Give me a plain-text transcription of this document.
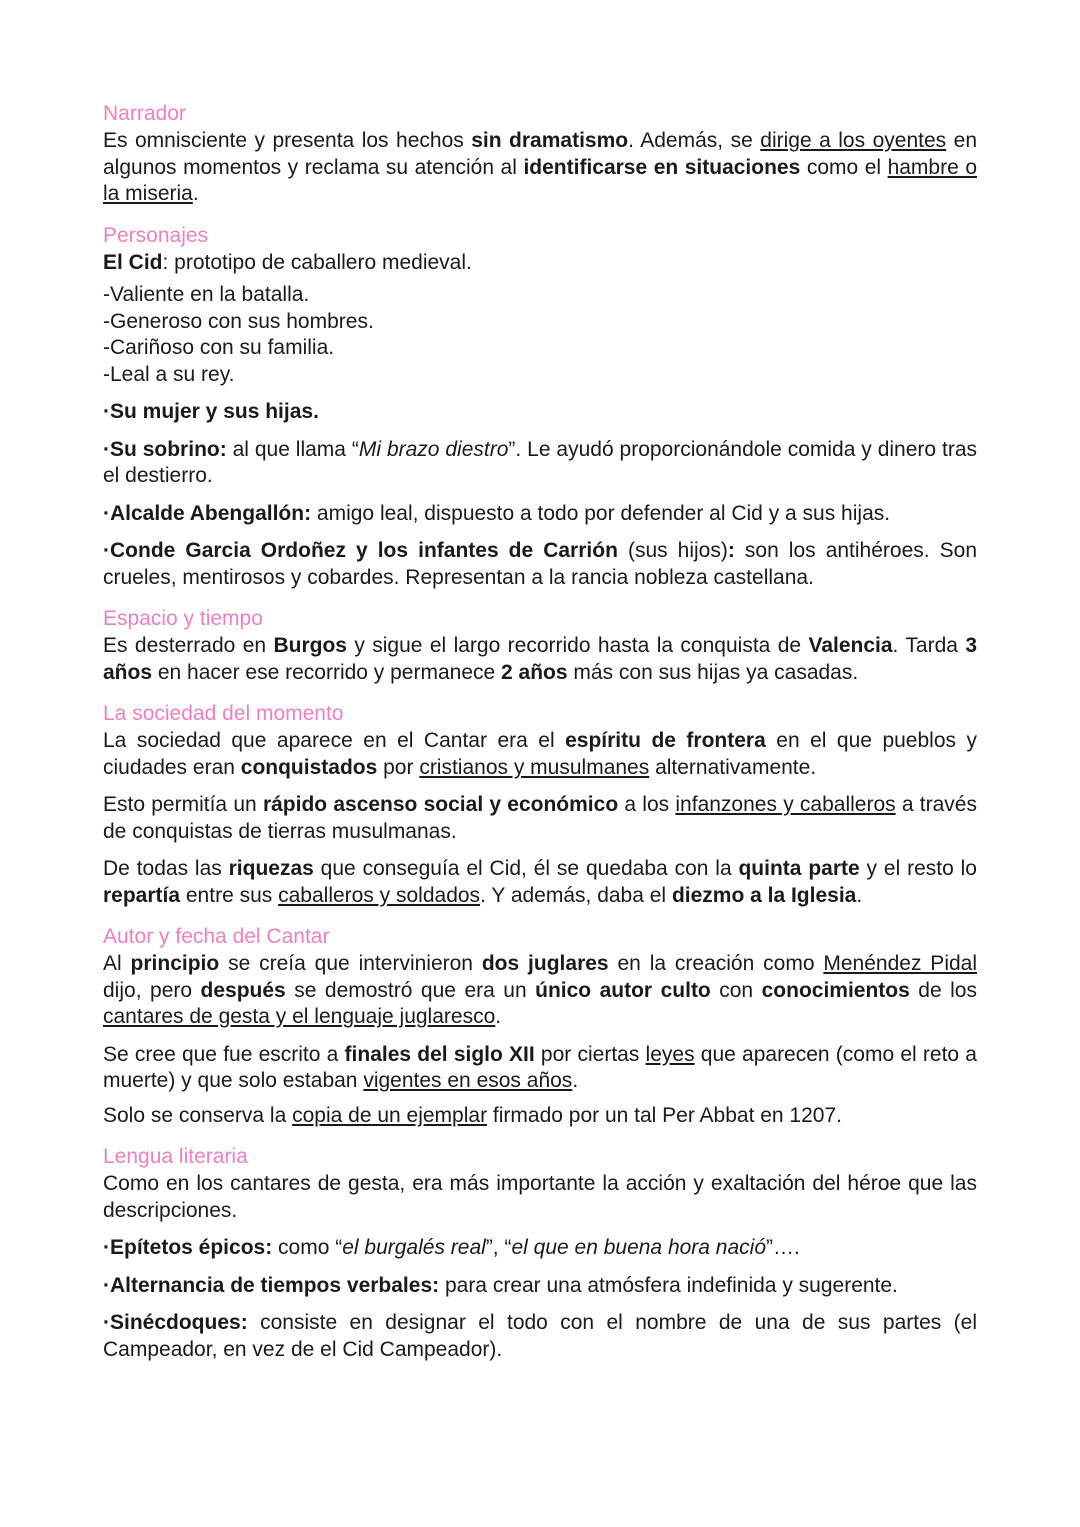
Narrador

Es omnisciente y presenta los hechos sin dramatismo. Además, se dirige a los oyentes en algunos momentos y reclama su atención al identificarse en situaciones como el hambre o la miseria.

Personajes

El Cid: prototipo de caballero medieval.

-Valiente en la batalla.

-Generoso con sus hombres.

-Cariñoso con su familia.

-Leal a su rey.

·Su mujer y sus hijas.

·Su sobrino: al que llama “Mi brazo diestro”. Le ayudó proporcionándole comida y dinero tras el destierro.

·Alcalde Abengallón: amigo leal, dispuesto a todo por defender al Cid y a sus hijas.

·Conde Garcia Ordoñez y los infantes de Carrión (sus hijos): son los antihéroes. Son crueles, mentirosos y cobardes. Representan a la rancia nobleza castellana.

Espacio y tiempo

Es desterrado en Burgos y sigue el largo recorrido hasta la conquista de Valencia. Tarda 3 años en hacer ese recorrido y permanece 2 años más con sus hijas ya casadas.

La sociedad del momento

La sociedad que aparece en el Cantar era el espíritu de frontera en el que pueblos y ciudades eran conquistados por cristianos y musulmanes alternativamente.

Esto permitía un rápido ascenso social y económico a los infanzones y caballeros a través de conquistas de tierras musulmanas.

De todas las riquezas que conseguía el Cid, él se quedaba con la quinta parte y el resto lo repartía entre sus caballeros y soldados. Y además, daba el diezmo a la Iglesia.

Autor y fecha del Cantar

Al principio se creía que intervinieron dos juglares en la creación como Menéndez Pidal dijo, pero después se demostró que era un único autor culto con conocimientos de los cantares de gesta y el lenguaje juglaresco.

Se cree que fue escrito a finales del siglo XII por ciertas leyes que aparecen (como el reto a muerte) y que solo estaban vigentes en esos años.

Solo se conserva la copia de un ejemplar firmado por un tal Per Abbat en 1207.

Lengua literaria

Como en los cantares de gesta, era más importante la acción y exaltación del héroe que las descripciones.

·Epítetos épicos: como “el burgalés real”, “el que en buena hora nació”….

·Alternancia de tiempos verbales: para crear una atmósfera indefinida y sugerente.

·Sinécdoques: consiste en designar el todo con el nombre de una de sus partes (el Campeador, en vez de el Cid Campeador).
